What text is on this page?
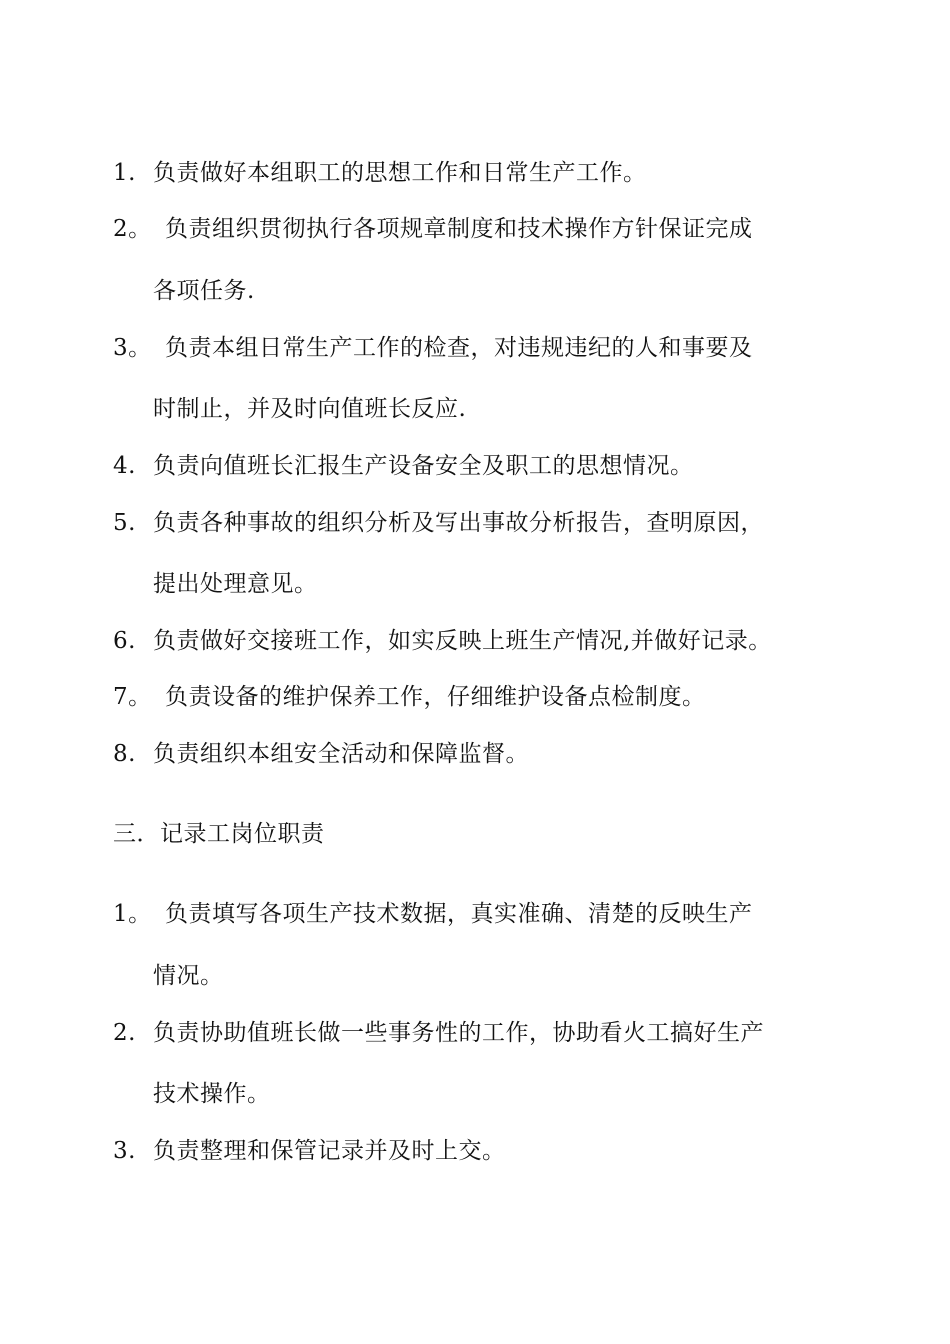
1. 负责做好本组职工的思想工作和日常生产工作。
2。 负责组织贯彻执行各项规章制度和技术操作方针保证完成
各项任务.
3。 负责本组日常生产工作的检查，对违规违纪的人和事要及
时制止，并及时向值班长反应.
4. 负责向值班长汇报生产设备安全及职工的思想情况。
5. 负责各种事故的组织分析及写出事故分析报告，查明原因，
提出处理意见。
6. 负责做好交接班工作，如实反映上班生产情况,并做好记录。
7。 负责设备的维护保养工作，仔细维护设备点检制度。
8. 负责组织本组安全活动和保障监督。
三．记录工岗位职责
1。 负责填写各项生产技术数据，真实准确、清楚的反映生产
情况。
2. 负责协助值班长做一些事务性的工作，协助看火工搞好生产
技术操作。
3. 负责整理和保管记录并及时上交。
